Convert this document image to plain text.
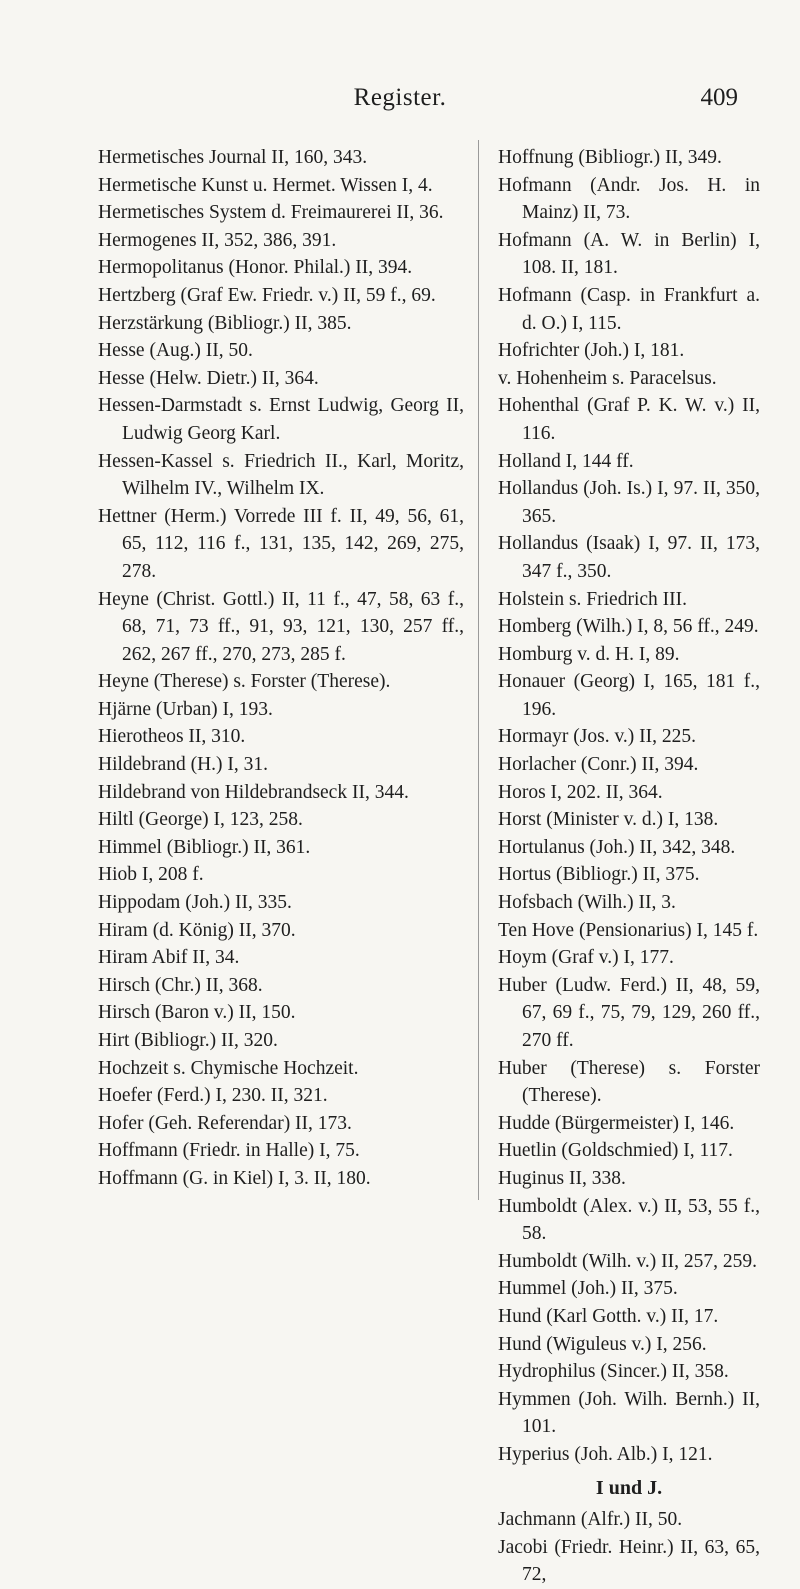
Register.	409
Hermetisches Journal II, 160, 343.
Hermetische Kunst u. Hermet. Wissen I, 4.
Hermetisches System d. Freimaurerei II, 36.
Hermogenes II, 352, 386, 391.
Hermopolitanus (Honor. Philal.) II, 394.
Hertzberg (Graf Ew. Friedr. v.) II, 59 f., 69.
Herzstärkung (Bibliogr.) II, 385.
Hesse (Aug.) II, 50.
Hesse (Helw. Dietr.) II, 364.
Hessen-Darmstadt s. Ernst Ludwig, Georg II, Ludwig Georg Karl.
Hessen-Kassel s. Friedrich II., Karl, Moritz, Wilhelm IV., Wilhelm IX.
Hettner (Herm.) Vorrede III f. II, 49, 56, 61, 65, 112, 116 f., 131, 135, 142, 269, 275, 278.
Heyne (Christ. Gottl.) II, 11 f., 47, 58, 63 f., 68, 71, 73 ff., 91, 93, 121, 130, 257 ff., 262, 267 ff., 270, 273, 285 f.
Heyne (Therese) s. Forster (Therese).
Hjärne (Urban) I, 193.
Hierotheos II, 310.
Hildebrand (H.) I, 31.
Hildebrand von Hildebrandseck II, 344.
Hiltl (George) I, 123, 258.
Himmel (Bibliogr.) II, 361.
Hiob I, 208 f.
Hippodam (Joh.) II, 335.
Hiram (d. König) II, 370.
Hiram Abif II, 34.
Hirsch (Chr.) II, 368.
Hirsch (Baron v.) II, 150.
Hirt (Bibliogr.) II, 320.
Hochzeit s. Chymische Hochzeit.
Hoefer (Ferd.) I, 230. II, 321.
Hofer (Geh. Referendar) II, 173.
Hoffmann (Friedr. in Halle) I, 75.
Hoffmann (G. in Kiel) I, 3. II, 180.
Hoffnung (Bibliogr.) II, 349.
Hofmann (Andr. Jos. H. in Mainz) II, 73.
Hofmann (A. W. in Berlin) I, 108. II, 181.
Hofmann (Casp. in Frankfurt a. d. O.) I, 115.
Hofrichter (Joh.) I, 181.
v. Hohenheim s. Paracelsus.
Hohenthal (Graf P. K. W. v.) II, 116.
Holland I, 144 ff.
Hollandus (Joh. Is.) I, 97. II, 350, 365.
Hollandus (Isaak) I, 97. II, 173, 347 f., 350.
Holstein s. Friedrich III.
Homberg (Wilh.) I, 8, 56 ff., 249.
Homburg v. d. H. I, 89.
Honauer (Georg) I, 165, 181 f., 196.
Hormayr (Jos. v.) II, 225.
Horlacher (Conr.) II, 394.
Horos I, 202. II, 364.
Horst (Minister v. d.) I, 138.
Hortulanus (Joh.) II, 342, 348.
Hortus (Bibliogr.) II, 375.
Hofsbach (Wilh.) II, 3.
Ten Hove (Pensionarius) I, 145 f.
Hoym (Graf v.) I, 177.
Huber (Ludw. Ferd.) II, 48, 59, 67, 69 f., 75, 79, 129, 260 ff., 270 ff.
Huber (Therese) s. Forster (Therese).
Hudde (Bürgermeister) I, 146.
Huetlin (Goldschmied) I, 117.
Huginus II, 338.
Humboldt (Alex. v.) II, 53, 55 f., 58.
Humboldt (Wilh. v.) II, 257, 259.
Hummel (Joh.) II, 375.
Hund (Karl Gotth. v.) II, 17.
Hund (Wiguleus v.) I, 256.
Hydrophilus (Sincer.) II, 358.
Hymmen (Joh. Wilh. Bernh.) II, 101.
Hyperius (Joh. Alb.) I, 121.
I und J.
Jachmann (Alfr.) II, 50.
Jacobi (Friedr. Heinr.) II, 63, 65, 72,
